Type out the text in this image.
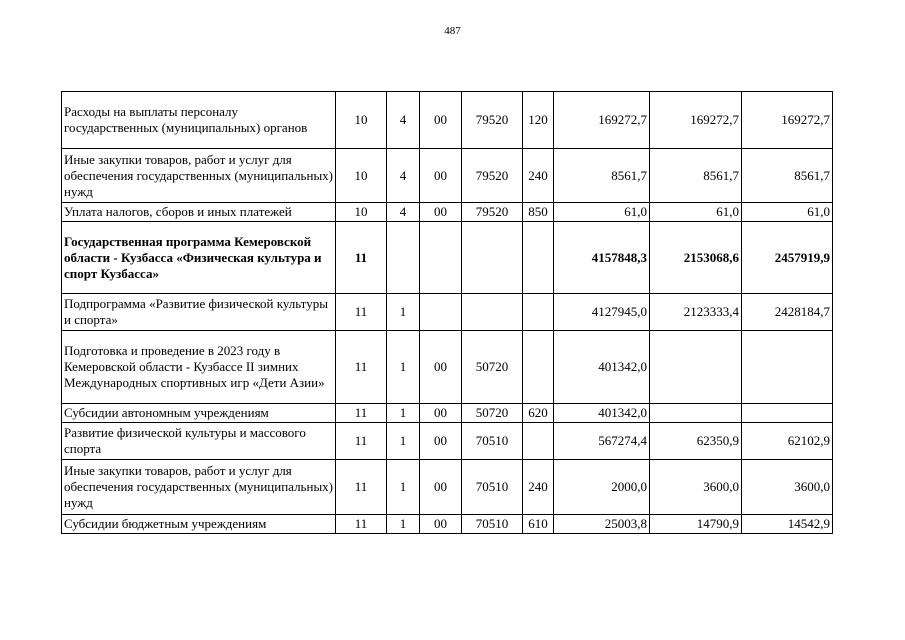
487
Расходы на выплаты персоналу государственных (муниципальных) органов	10	4	00	79520	120	169272,7	169272,7	169272,7
Иные закупки товаров, работ и услуг для обеспечения государственных (муниципальных) нужд	10	4	00	79520	240	8561,7	8561,7	8561,7
Уплата налогов, сборов и иных платежей	10	4	00	79520	850	61,0	61,0	61,0
Государственная программа Кемеровской области - Кузбасса «Физическая культура и спорт Кузбасса»	11					4157848,3	2153068,6	2457919,9
Подпрограмма «Развитие физической культуры и спорта»	11	1				4127945,0	2123333,4	2428184,7
Подготовка и проведение в 2023 году в Кемеровской области - Кузбассе II зимних Международных спортивных игр «Дети Азии»	11	1	00	50720		401342,0		
Субсидии автономным учреждениям	11	1	00	50720	620	401342,0		
Развитие физической культуры и массового спорта	11	1	00	70510		567274,4	62350,9	62102,9
Иные закупки товаров, работ и услуг для обеспечения государственных (муниципальных) нужд	11	1	00	70510	240	2000,0	3600,0	3600,0
Субсидии бюджетным учреждениям	11	1	00	70510	610	25003,8	14790,9	14542,9
